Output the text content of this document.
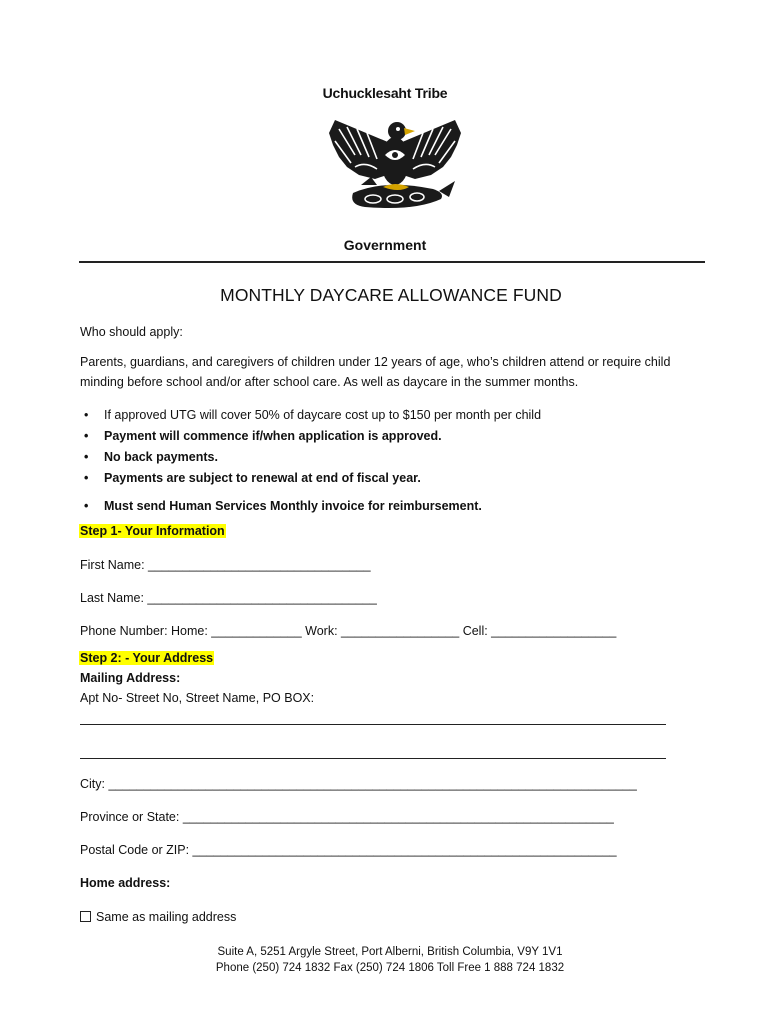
Uchucklesaht Tribe
Government
MONTHLY DAYCARE ALLOWANCE FUND
Who should apply:
Parents, guardians, and caregivers of children under 12 years of age, who’s children attend or require child minding before school and/or after school care. As well as daycare in the summer months.
• If approved UTG will cover 50% of daycare cost up to $150 per month per child
• Payment will commence if/when application is approved.
• No back payments.
• Payments are subject to renewal at end of fiscal year.
• Must send Human Services Monthly invoice for reimbursement.
Step 1- Your Information
First Name: ________________________________
Last Name: _________________________________
Phone Number: Home: _____________ Work: _________________ Cell: __________________
Step 2: - Your Address
Mailing Address:
Apt No- Street No, Street Name, PO BOX:
City: ____________________________________________________________________________
Province or State: ______________________________________________________________
Postal Code or ZIP: _____________________________________________________________
Home address:
Same as mailing address
Suite A, 5251 Argyle Street, Port Alberni, British Columbia, V9Y 1V1
Phone (250) 724 1832 Fax (250) 724 1806 Toll Free 1 888 724 1832
